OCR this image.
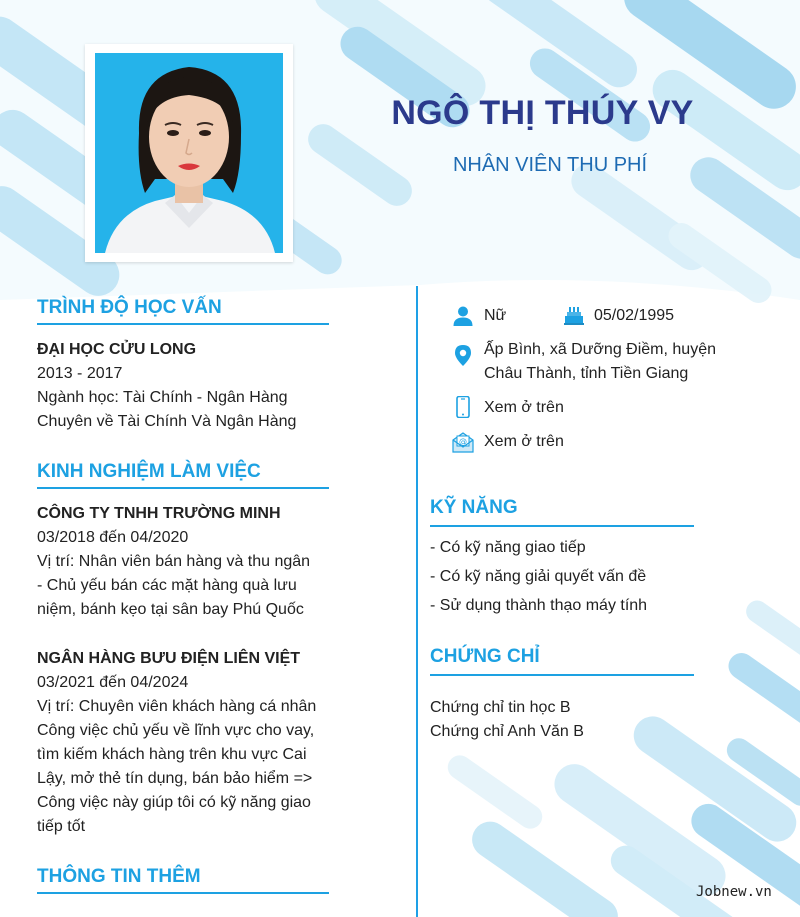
NGÔ THỊ THÚY VY
NHÂN VIÊN THU PHÍ
TRÌNH ĐỘ HỌC VẤN
ĐẠI HỌC CỬU LONG
2013 - 2017
Ngành học: Tài Chính - Ngân Hàng
Chuyên về Tài Chính Và Ngân Hàng
KINH NGHIỆM LÀM VIỆC
CÔNG TY TNHH TRƯỜNG MINH
03/2018 đến 04/2020
Vị trí: Nhân viên bán hàng và thu ngân
- Chủ yếu bán các mặt hàng quà lưu
niệm, bánh kẹo tại sân bay Phú Quốc
NGÂN HÀNG BƯU ĐIỆN LIÊN VIỆT
03/2021 đến 04/2024
Vị trí: Chuyên viên khách hàng cá nhân
Công việc chủ yếu về lĩnh vực cho vay,
tìm kiếm khách hàng trên khu vực Cai
Lậy, mở thẻ tín dụng, bán bảo hiểm =>
Công việc này giúp tôi có kỹ năng giao
tiếp tốt
THÔNG TIN THÊM
Nữ	05/02/1995
Ấp Bình, xã Dưỡng Điềm, huyện
Châu Thành, tỉnh Tiền Giang
Xem ở trên
@ Xem ở trên
KỸ NĂNG
- Có kỹ năng giao tiếp
- Có kỹ năng giải quyết vấn đề
- Sử dụng thành thạo máy tính
CHỨNG CHỈ
Chứng chỉ tin học B
Chứng chỉ Anh Văn B
Jobnew.vn
